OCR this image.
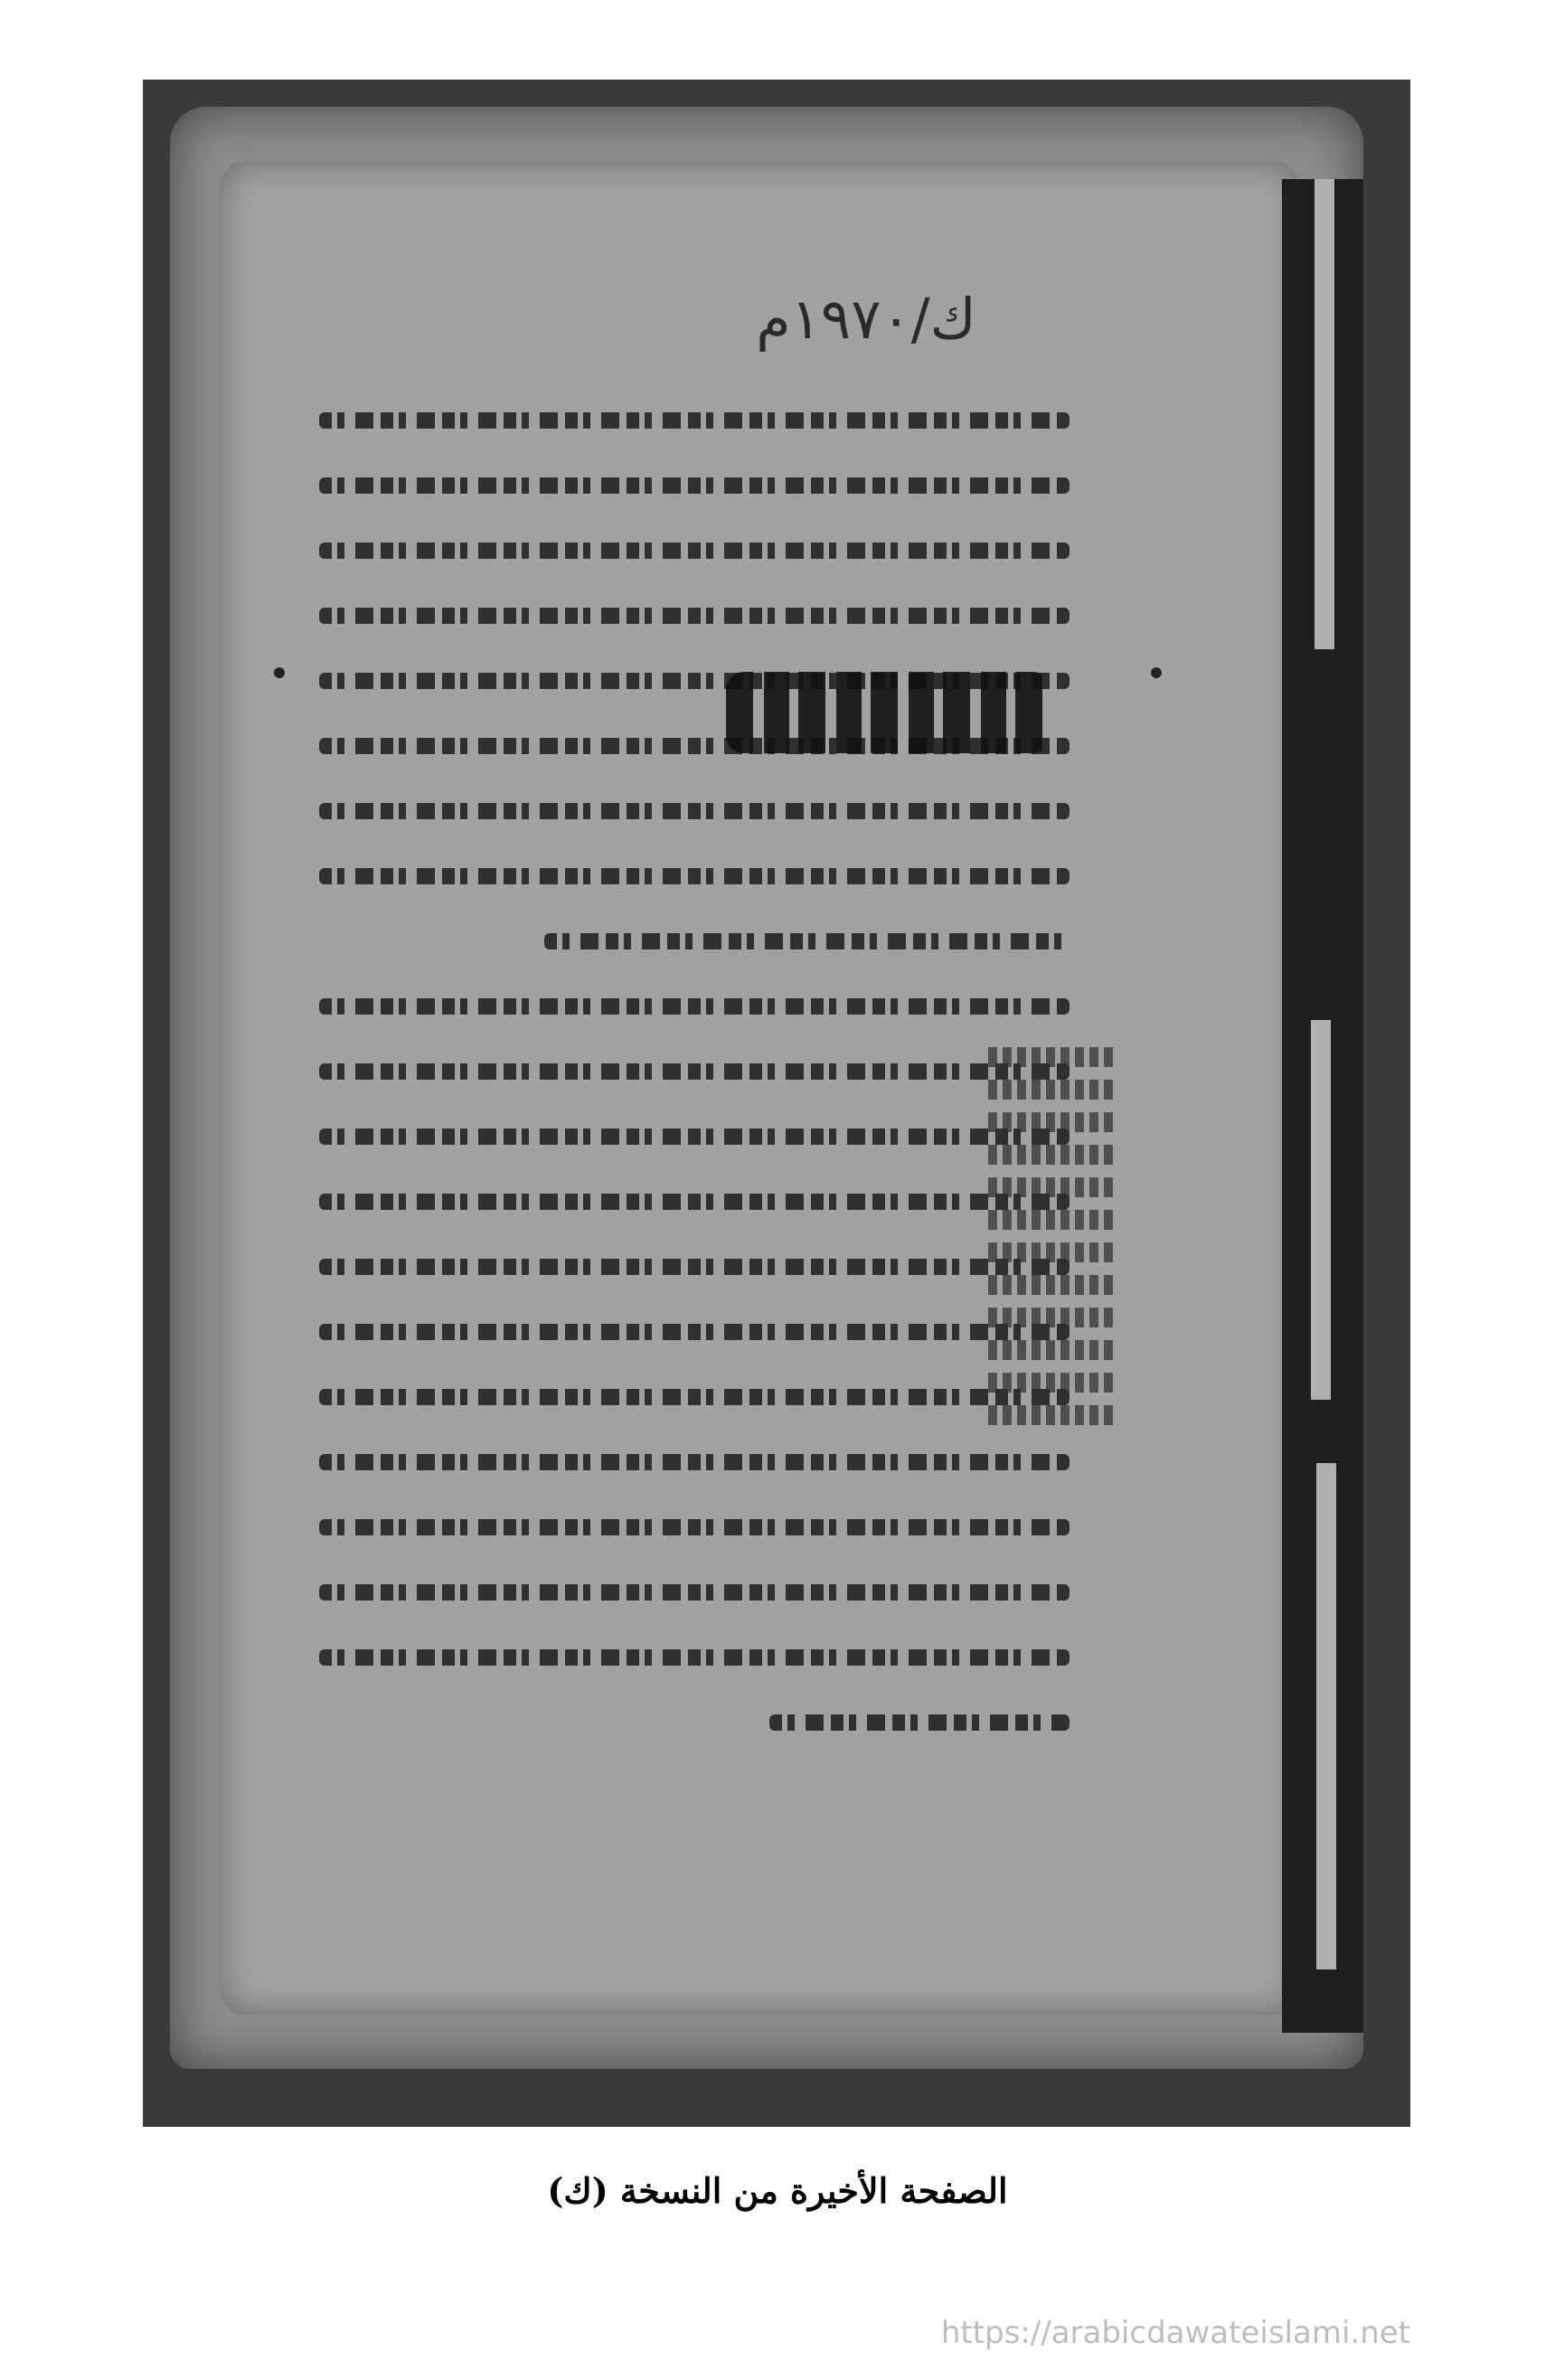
ك/١٩٧٠م
الصفحة الأخيرة من النسخة (ك)
https://arabicdawateislami.net
